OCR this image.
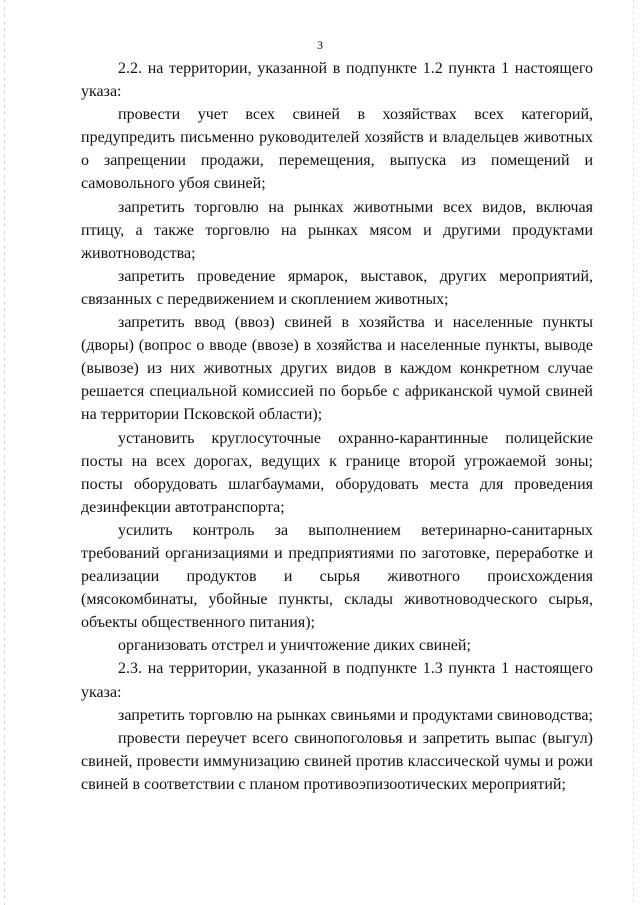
3

2.2. на территории, указанной в подпункте 1.2 пункта 1 настоящего указа:

провести учет всех свиней в хозяйствах всех категорий, предупредить письменно руководителей хозяйств и владельцев животных о запрещении продажи, перемещения, выпуска из помещений и самовольного убоя свиней;

запретить торговлю на рынках животными всех видов, включая птицу, а также торговлю на рынках мясом и другими продуктами животноводства;

запретить проведение ярмарок, выставок, других мероприятий, связанных с передвижением и скоплением животных;

запретить ввод (ввоз) свиней в хозяйства и населенные пункты (дворы) (вопрос о вводе (ввозе) в хозяйства и населенные пункты, выводе (вывозе) из них животных других видов в каждом конкретном случае решается специальной комиссией по борьбе с африканской чумой свиней на территории Псковской области);

установить круглосуточные охранно-карантинные полицейские посты на всех дорогах, ведущих к границе второй угрожаемой зоны; посты оборудовать шлагбаумами, оборудовать места для проведения дезинфекции автотранспорта;

усилить контроль за выполнением ветеринарно-санитарных требований организациями и предприятиями по заготовке, переработке и реализации продуктов и сырья животного происхождения (мясокомбинаты, убойные пункты, склады животноводческого сырья, объекты общественного питания);

организовать отстрел и уничтожение диких свиней;

2.3. на территории, указанной в подпункте 1.3 пункта 1 настоящего указа:

запретить торговлю на рынках свиньями и продуктами свиноводства;

провести переучет всего свинопоголовья и запретить выпас (выгул) свиней, провести иммунизацию свиней против классической чумы и рожи свиней в соответствии с планом противоэпизоотических мероприятий;
